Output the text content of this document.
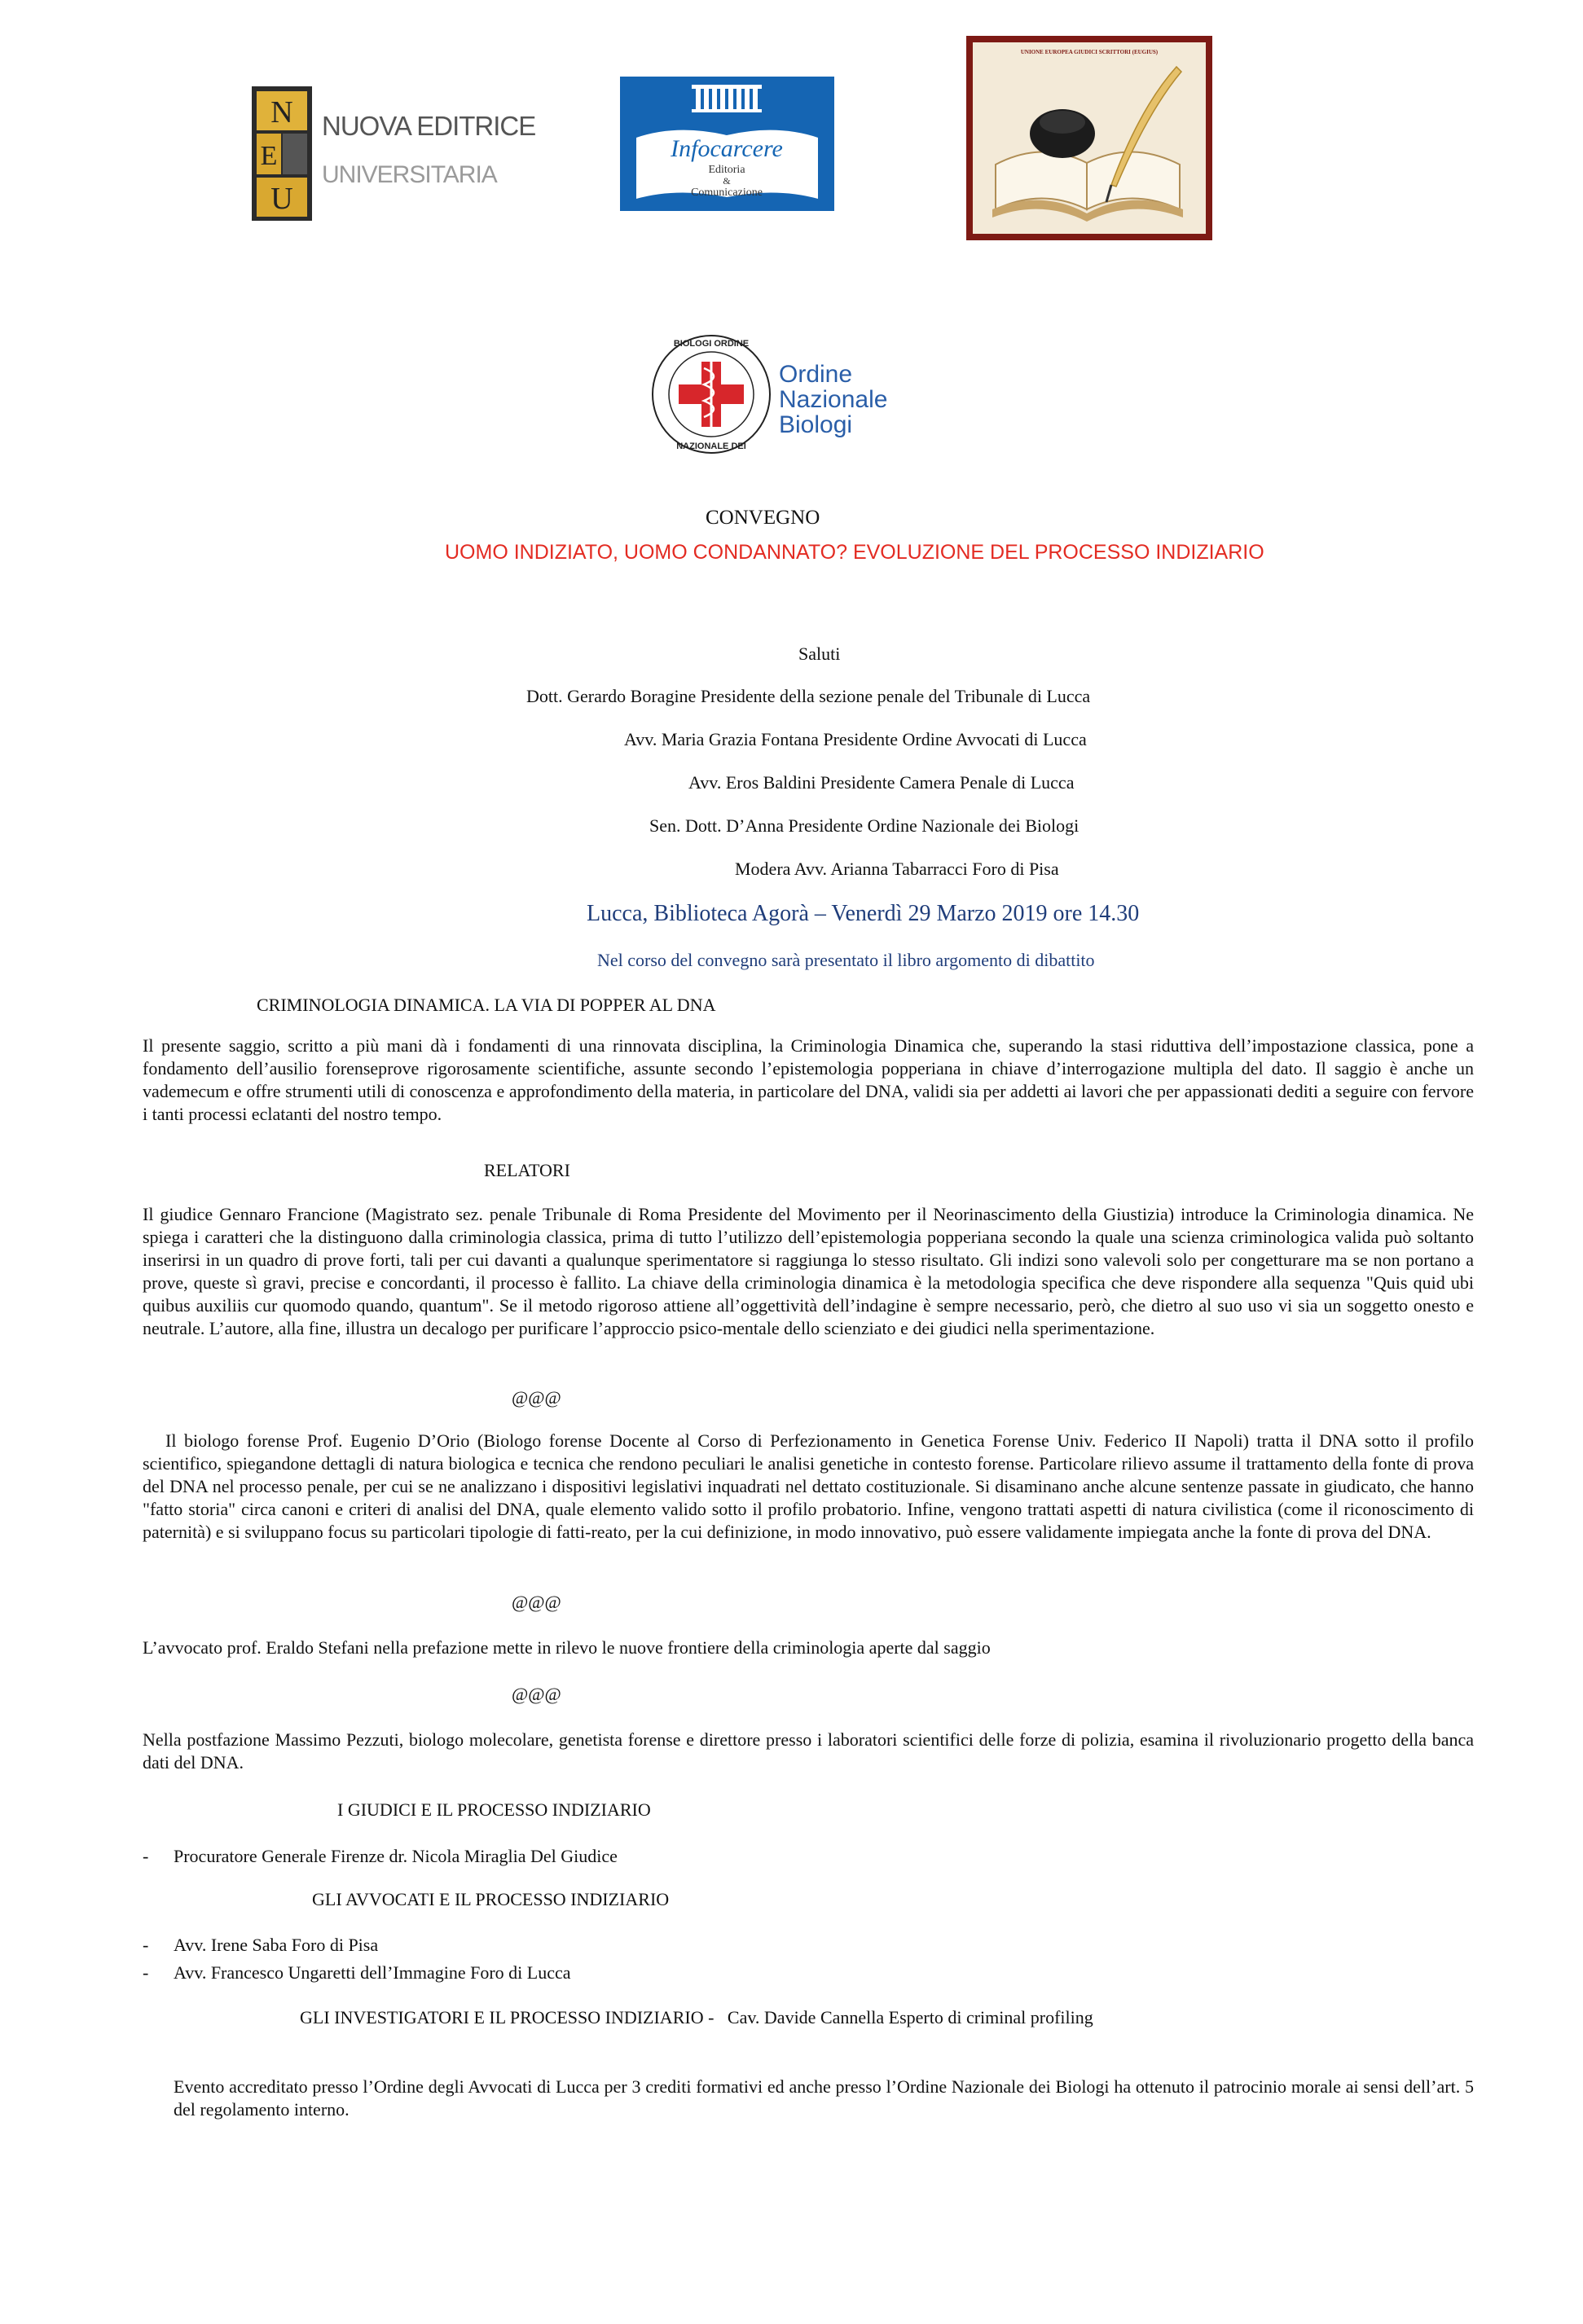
N
E
U
NUOVA EDITRICE
UNIVERSITARIA
Infocarcere
Editoria
&
Comunicazione
UNIONE EUROPEA GIUDICI SCRITTORI (EUGIUS)
BIOLOGI ORDINE
NAZIONALE DEI
Ordine
Nazionale
Biologi
CONVEGNO
UOMO INDIZIATO, UOMO CONDANNATO? EVOLUZIONE DEL PROCESSO INDIZIARIO
Saluti
Dott. Gerardo Boragine Presidente della sezione penale del Tribunale di Lucca
Avv. Maria Grazia Fontana Presidente Ordine Avvocati di Lucca
Avv. Eros Baldini Presidente Camera Penale di Lucca
Sen. Dott. D’Anna Presidente Ordine Nazionale dei Biologi
Modera Avv. Arianna Tabarracci Foro di Pisa
Lucca, Biblioteca Agorà – Venerdì 29 Marzo 2019 ore 14.30
Nel corso del convegno sarà presentato il libro argomento di dibattito
CRIMINOLOGIA DINAMICA. LA VIA DI POPPER AL DNA
Il presente saggio, scritto a più mani dà i fondamenti di una rinnovata disciplina, la Criminologia Dinamica che, superando la stasi riduttiva dell’impostazione classica, pone a fondamento dell’ausilio forenseprove rigorosamente scientifiche, assunte secondo l’epistemologia popperiana in chiave d’interrogazione multipla del dato. Il saggio è anche un vademecum e offre strumenti utili di conoscenza e approfondimento della materia, in particolare del DNA, validi sia per addetti ai lavori che per appassionati dediti a seguire con fervore i tanti processi eclatanti del nostro tempo.
RELATORI
Il giudice Gennaro Francione (Magistrato sez. penale Tribunale di Roma Presidente del Movimento per il Neorinascimento della Giustizia) introduce la Criminologia dinamica. Ne spiega i caratteri che la distinguono dalla criminologia classica, prima di tutto l’utilizzo dell’epistemologia popperiana secondo la quale una scienza criminologica valida può soltanto inserirsi in un quadro di prove forti, tali per cui davanti a qualunque sperimentatore si raggiunga lo stesso risultato. Gli indizi sono valevoli solo per congetturare ma se non portano a prove, queste sì gravi, precise e concordanti, il processo è fallito. La chiave della criminologia dinamica è la metodologia specifica che deve rispondere alla sequenza "Quis quid ubi quibus auxiliis cur quomodo quando, quantum". Se il metodo rigoroso attiene all’oggettività dell’indagine è sempre necessario, però, che dietro al suo uso vi sia un soggetto onesto e neutrale. L’autore, alla fine, illustra un decalogo per purificare l’approccio psico-mentale dello scienziato e dei giudici nella sperimentazione.
@@@
Il biologo forense Prof. Eugenio D’Orio (Biologo forense Docente al Corso di Perfezionamento in Genetica Forense Univ. Federico II Napoli) tratta il DNA sotto il profilo scientifico, spiegandone dettagli di natura biologica e tecnica che rendono peculiari le analisi genetiche in contesto forense. Particolare rilievo assume il trattamento della fonte di prova del DNA nel processo penale, per cui se ne analizzano i dispositivi legislativi inquadrati nel dettato costituzionale. Si disaminano anche alcune sentenze passate in giudicato, che hanno "fatto storia" circa canoni e criteri di analisi del DNA, quale elemento valido sotto il profilo probatorio. Infine, vengono trattati aspetti di natura civilistica (come il riconoscimento di paternità) e si sviluppano focus su particolari tipologie di fatti-reato, per la cui definizione, in modo innovativo, può essere validamente impiegata anche la fonte di prova del DNA.
@@@
L’avvocato prof. Eraldo Stefani nella prefazione mette in rilevo le nuove frontiere della criminologia aperte dal saggio
@@@
Nella postfazione Massimo Pezzuti, biologo molecolare, genetista forense e direttore presso i laboratori scientifici delle forze di polizia, esamina il rivoluzionario progetto della banca dati del DNA.
I GIUDICI E IL PROCESSO INDIZIARIO
- Procuratore Generale Firenze dr. Nicola Miraglia Del Giudice
GLI AVVOCATI E IL PROCESSO INDIZIARIO
- Avv. Irene Saba Foro di Pisa
- Avv. Francesco Ungaretti dell’Immagine Foro di Lucca
GLI INVESTIGATORI E IL PROCESSO INDIZIARIO - Cav. Davide Cannella Esperto di criminal profiling
Evento accreditato presso l’Ordine degli Avvocati di Lucca per 3 crediti formativi ed anche presso l’Ordine Nazionale dei Biologi ha ottenuto il patrocinio morale ai sensi dell’art. 5 del regolamento interno.
